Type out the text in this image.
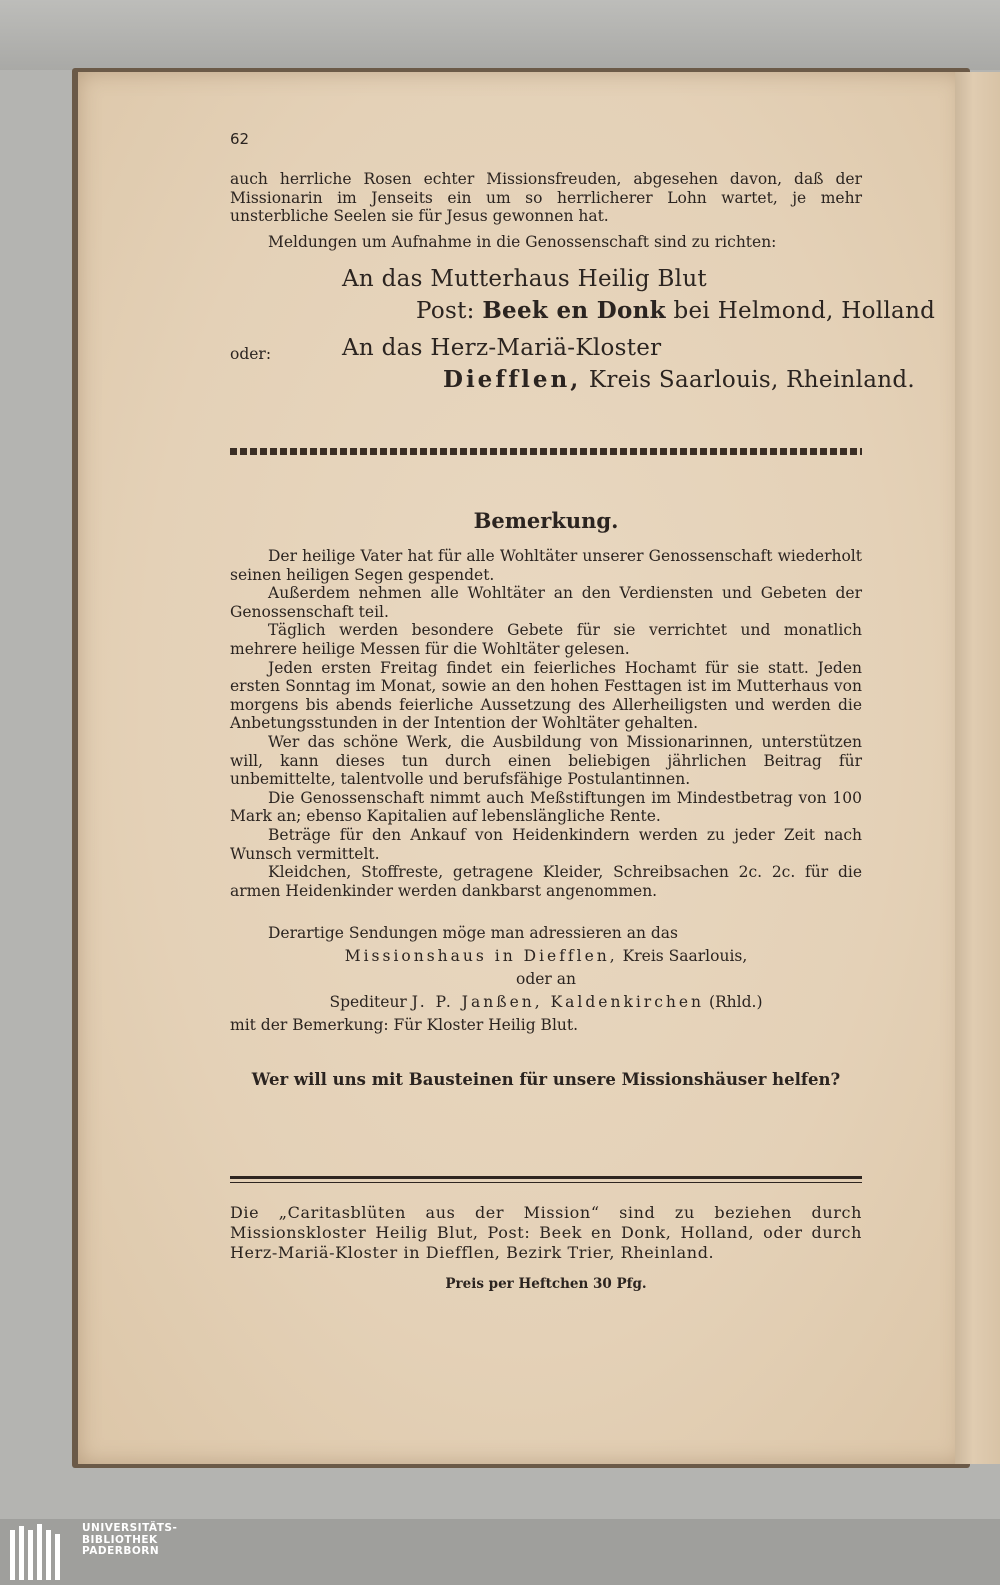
62

auch herrliche Rosen echter Missionsfreuden, abgesehen davon, daß der Missionarin im Jenseits ein um so herrlicherer Lohn wartet, je mehr unsterbliche Seelen sie für Jesus gewonnen hat.

Meldungen um Aufnahme in die Genossenschaft sind zu richten:

An das Mutterhaus Heilig Blut
Post: Beek en Donk bei Helmond, Holland
oder:	An das Herz-Mariä-Kloster
Diefflen, Kreis Saarlouis, Rheinland.
Bemerkung.

Der heilige Vater hat für alle Wohltäter unserer Genossenschaft wiederholt seinen heiligen Segen gespendet.

Außerdem nehmen alle Wohltäter an den Verdiensten und Gebeten der Genossenschaft teil.

Täglich werden besondere Gebete für sie verrichtet und monatlich mehrere heilige Messen für die Wohltäter gelesen.

Jeden ersten Freitag findet ein feierliches Hochamt für sie statt. Jeden ersten Sonntag im Monat, sowie an den hohen Festtagen ist im Mutterhaus von morgens bis abends feierliche Aussetzung des Allerheiligsten und werden die Anbetungsstunden in der Intention der Wohltäter gehalten.

Wer das schöne Werk, die Ausbildung von Missionarinnen, unterstützen will, kann dieses tun durch einen beliebigen jährlichen Beitrag für unbemittelte, talentvolle und berufsfähige Postulantinnen.

Die Genossenschaft nimmt auch Meßstiftungen im Mindestbetrag von 100 Mark an; ebenso Kapitalien auf lebenslängliche Rente.

Beträge für den Ankauf von Heidenkindern werden zu jeder Zeit nach Wunsch vermittelt.

Kleidchen, Stoffreste, getragene Kleider, Schreibsachen 2c. 2c. für die armen Heidenkinder werden dankbarst angenommen.

Derartige Sendungen möge man adressieren an das
Missionshaus in Diefflen, Kreis Saarlouis,
oder an
Spediteur J. P. Janßen, Kaldenkirchen (Rhld.)
mit der Bemerkung: Für Kloster Heilig Blut.
Wer will uns mit Bausteinen für unsere Missionshäuser helfen?

Die „Caritasblüten aus der Mission“ sind zu beziehen durch Missionskloster Heilig Blut, Post: Beek en Donk, Holland, oder durch Herz-Mariä-Kloster in Diefflen, Bezirk Trier, Rheinland.

Preis per Heftchen 30 Pfg.
UNIVERSITÄTS-
BIBLIOTHEK
PADERBORN
